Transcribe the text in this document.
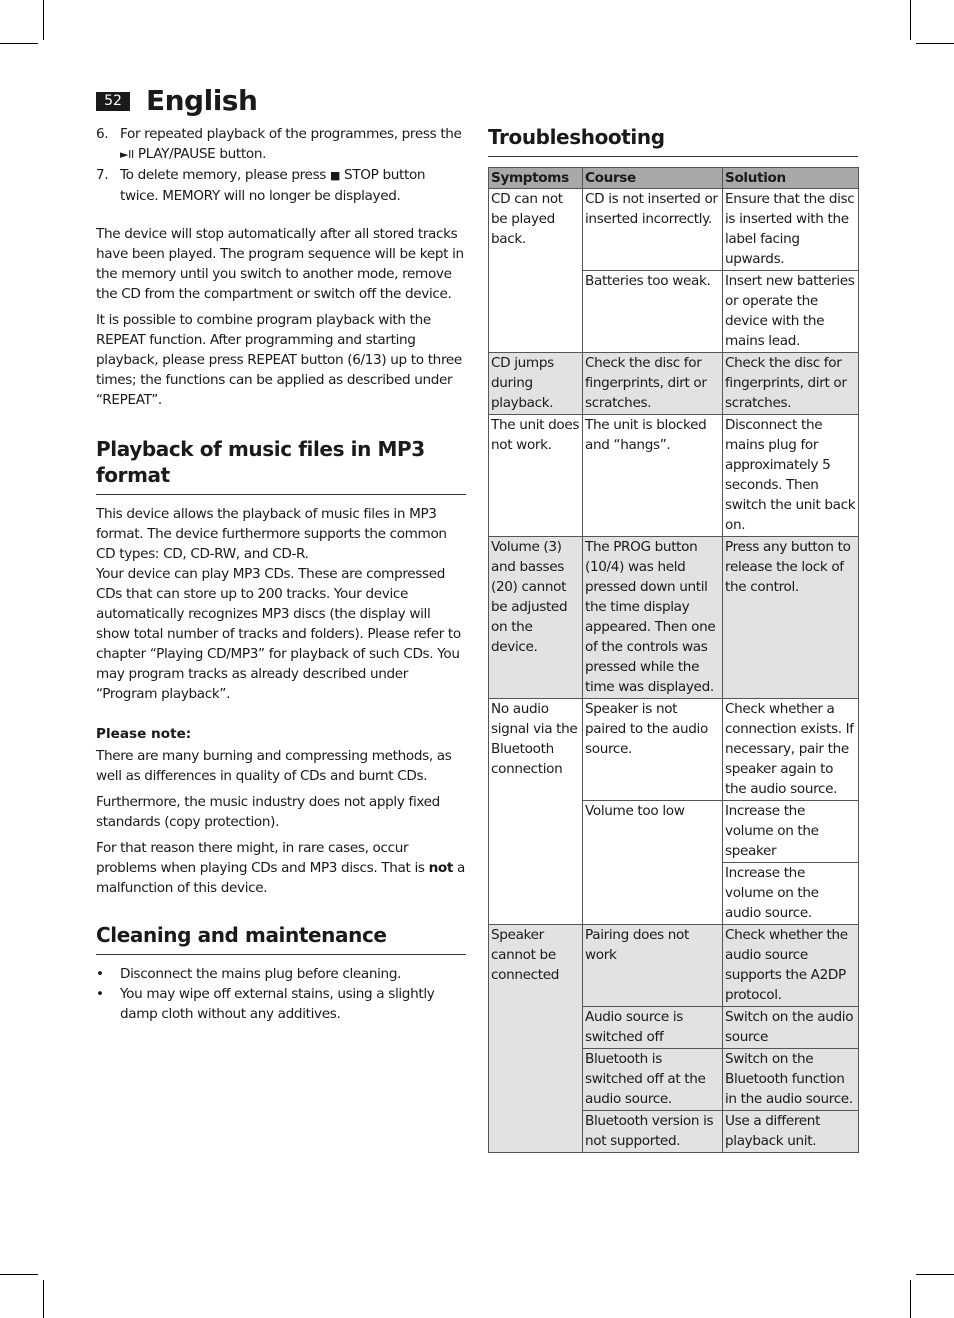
52 English
6. For repeated playback of the programmes, press the
►II PLAY/PAUSE button.
7. To delete memory, please press ■ STOP button twice. MEMORY will no longer be displayed.

The device will stop automatically after all stored tracks have been played. The program sequence will be kept in the memory until you switch to another mode, remove the CD from the compartment or switch off the device.

It is possible to combine program playback with the REPEAT function. After programming and starting playback, please press REPEAT button (6/13) up to three times; the functions can be applied as described under “REPEAT”.

Playback of music files in MP3 format

This device allows the playback of music files in MP3 format. The device furthermore supports the common CD types: CD, CD-RW, and CD-R.

Your device can play MP3 CDs. These are compressed CDs that can store up to 200 tracks. Your device automatically recognizes MP3 discs (the display will show total number of tracks and folders). Please refer to chapter “Playing CD/MP3” for playback of such CDs. You may program tracks as already described under “Program playback”.

Please note:

There are many burning and compressing methods, as well as differences in quality of CDs and burnt CDs.

Furthermore, the music industry does not apply fixed standards (copy protection).

For that reason there might, in rare cases, occur problems when playing CDs and MP3 discs. That is not a malfunction of this device.

Cleaning and maintenance
• Disconnect the mains plug before cleaning.
• You may wipe off external stains, using a slightly damp cloth without any additives.
Troubleshooting
Symptoms	Course	Solution
CD can not be played back.	CD is not inserted or inserted incorrectly.	Ensure that the disc is inserted with the label facing upwards.
	Batteries too weak.	Insert new batteries or operate the device with the mains lead.
CD jumps during playback.	Check the disc for fingerprints, dirt or scratches.	Check the disc for fingerprints, dirt or scratches.
The unit does not work.	The unit is blocked and “hangs”.	Disconnect the mains plug for approximately 5 seconds. Then switch the unit back on.
Volume (3) and basses (20) cannot be adjusted on the device.	The PROG button (10/4) was held pressed down until the time display appeared. Then one of the controls was pressed while the time was displayed.	Press any button to release the lock of the control.
No audio signal via the Bluetooth connection	Speaker is not paired to the audio source.	Check whether a connection exists. If necessary, pair the speaker again to the audio source.
	Volume too low	Increase the volume on the speaker
		Increase the volume on the audio source.
Speaker cannot be connected	Pairing does not work	Check whether the audio source supports the A2DP protocol.
	Audio source is switched off	Switch on the audio source
	Bluetooth is switched off at the audio source.	Switch on the Bluetooth function in the audio source.
	Bluetooth version is not supported.	Use a different playback unit.
